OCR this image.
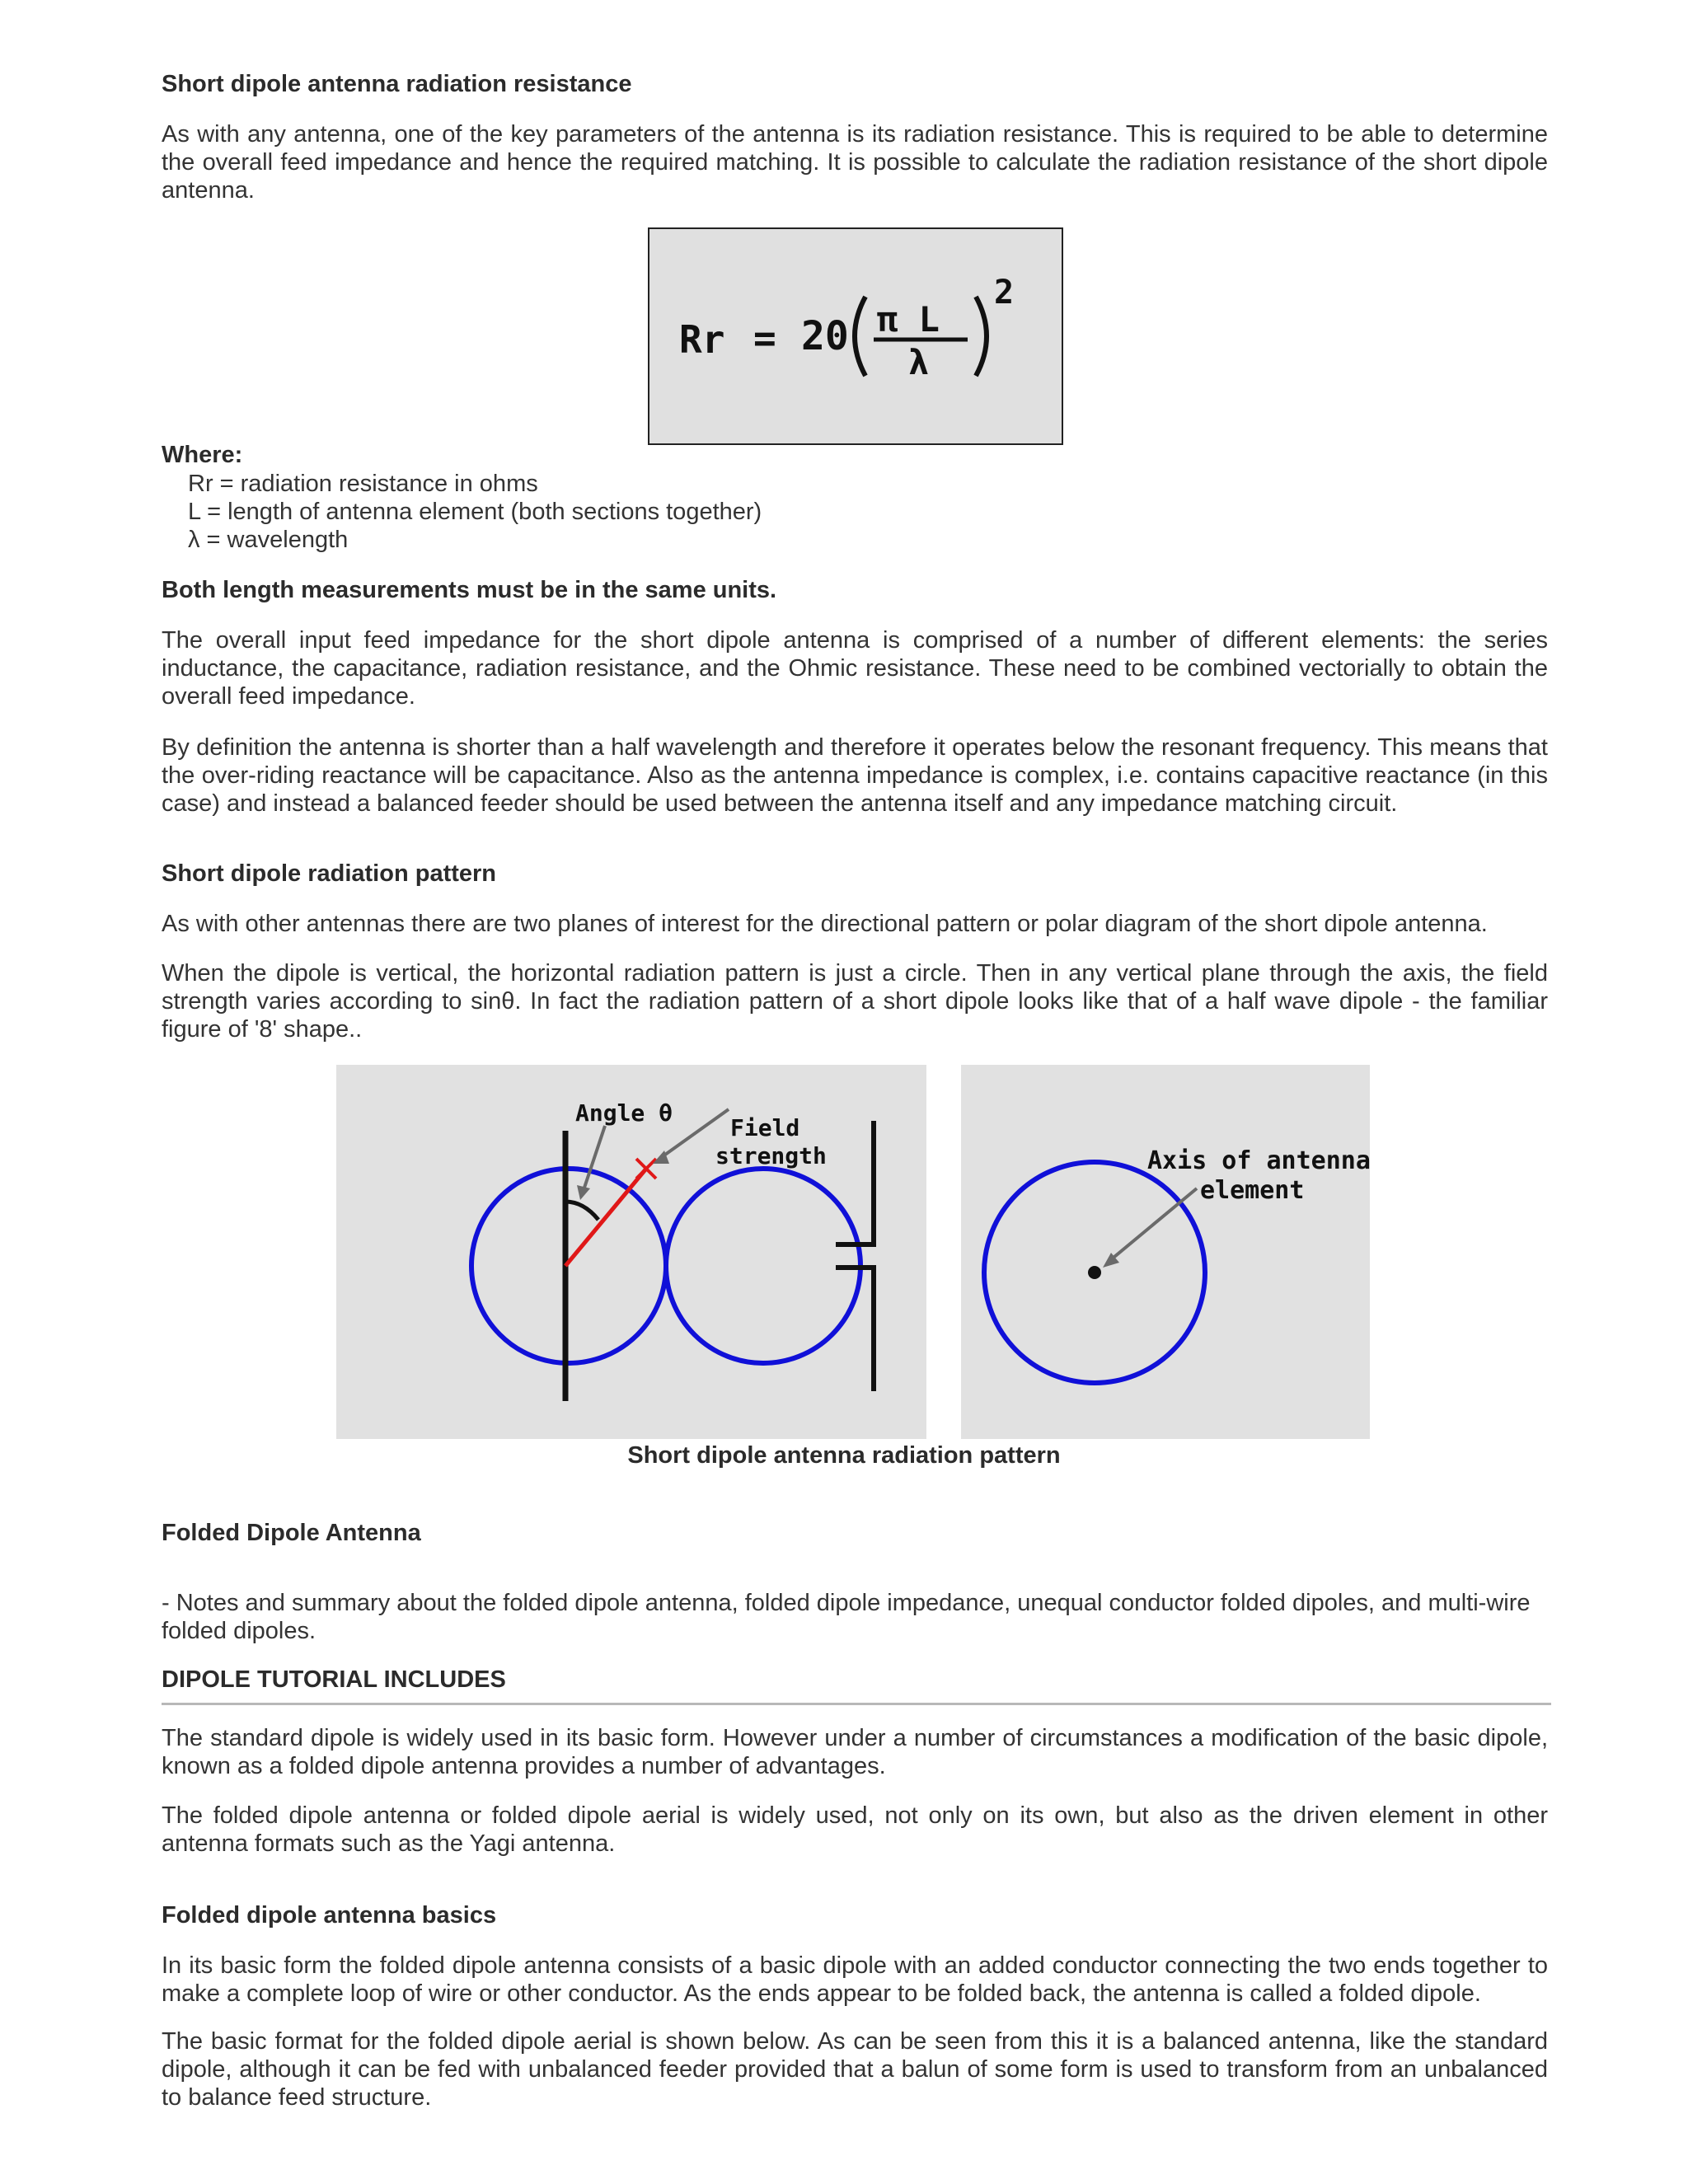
Short dipole antenna radiation resistance

As with any antenna, one of the key parameters of the antenna is its radiation resistance. This is required to be able to determine the overall feed impedance and hence the required matching. It is possible to calculate the radiation resistance of the short dipole antenna.

Rr = 20 π L
λ
2

Where:

Rr = radiation resistance in ohms

L = length of antenna element (both sections together)

λ = wavelength

Both length measurements must be in the same units.

The overall input feed impedance for the short dipole antenna is comprised of a number of different elements: the series inductance, the capacitance, radiation resistance, and the Ohmic resistance. These need to be combined vectorially to obtain the overall feed impedance.

By definition the antenna is shorter than a half wavelength and therefore it operates below the resonant frequency. This means that the over-riding reactance will be capacitance. Also as the antenna impedance is complex, i.e. contains capacitive reactance (in this case) and instead a balanced feeder should be used between the antenna itself and any impedance matching circuit.

Short dipole radiation pattern

As with other antennas there are two planes of interest for the directional pattern or polar diagram of the short dipole antenna.

When the dipole is vertical, the horizontal radiation pattern is just a circle. Then in any vertical plane through the axis, the field strength varies according to sinθ. In fact the radiation pattern of a short dipole looks like that of a half wave dipole - the familiar figure of '8' shape..

Angle θ
Field
strength	Axis of antenna
element
Short dipole antenna radiation pattern

Folded Dipole Antenna

- Notes and summary about the folded dipole antenna, folded dipole impedance, unequal conductor folded dipoles, and multi-wire folded dipoles.

DIPOLE TUTORIAL INCLUDES

The standard dipole is widely used in its basic form. However under a number of circumstances a modification of the basic dipole, known as a folded dipole antenna provides a number of advantages.

The folded dipole antenna or folded dipole aerial is widely used, not only on its own, but also as the driven element in other antenna formats such as the Yagi antenna.

Folded dipole antenna basics

In its basic form the folded dipole antenna consists of a basic dipole with an added conductor connecting the two ends together to make a complete loop of wire or other conductor. As the ends appear to be folded back, the antenna is called a folded dipole.

The basic format for the folded dipole aerial is shown below. As can be seen from this it is a balanced antenna, like the standard dipole, although it can be fed with unbalanced feeder provided that a balun of some form is used to transform from an unbalanced to balance feed structure.
